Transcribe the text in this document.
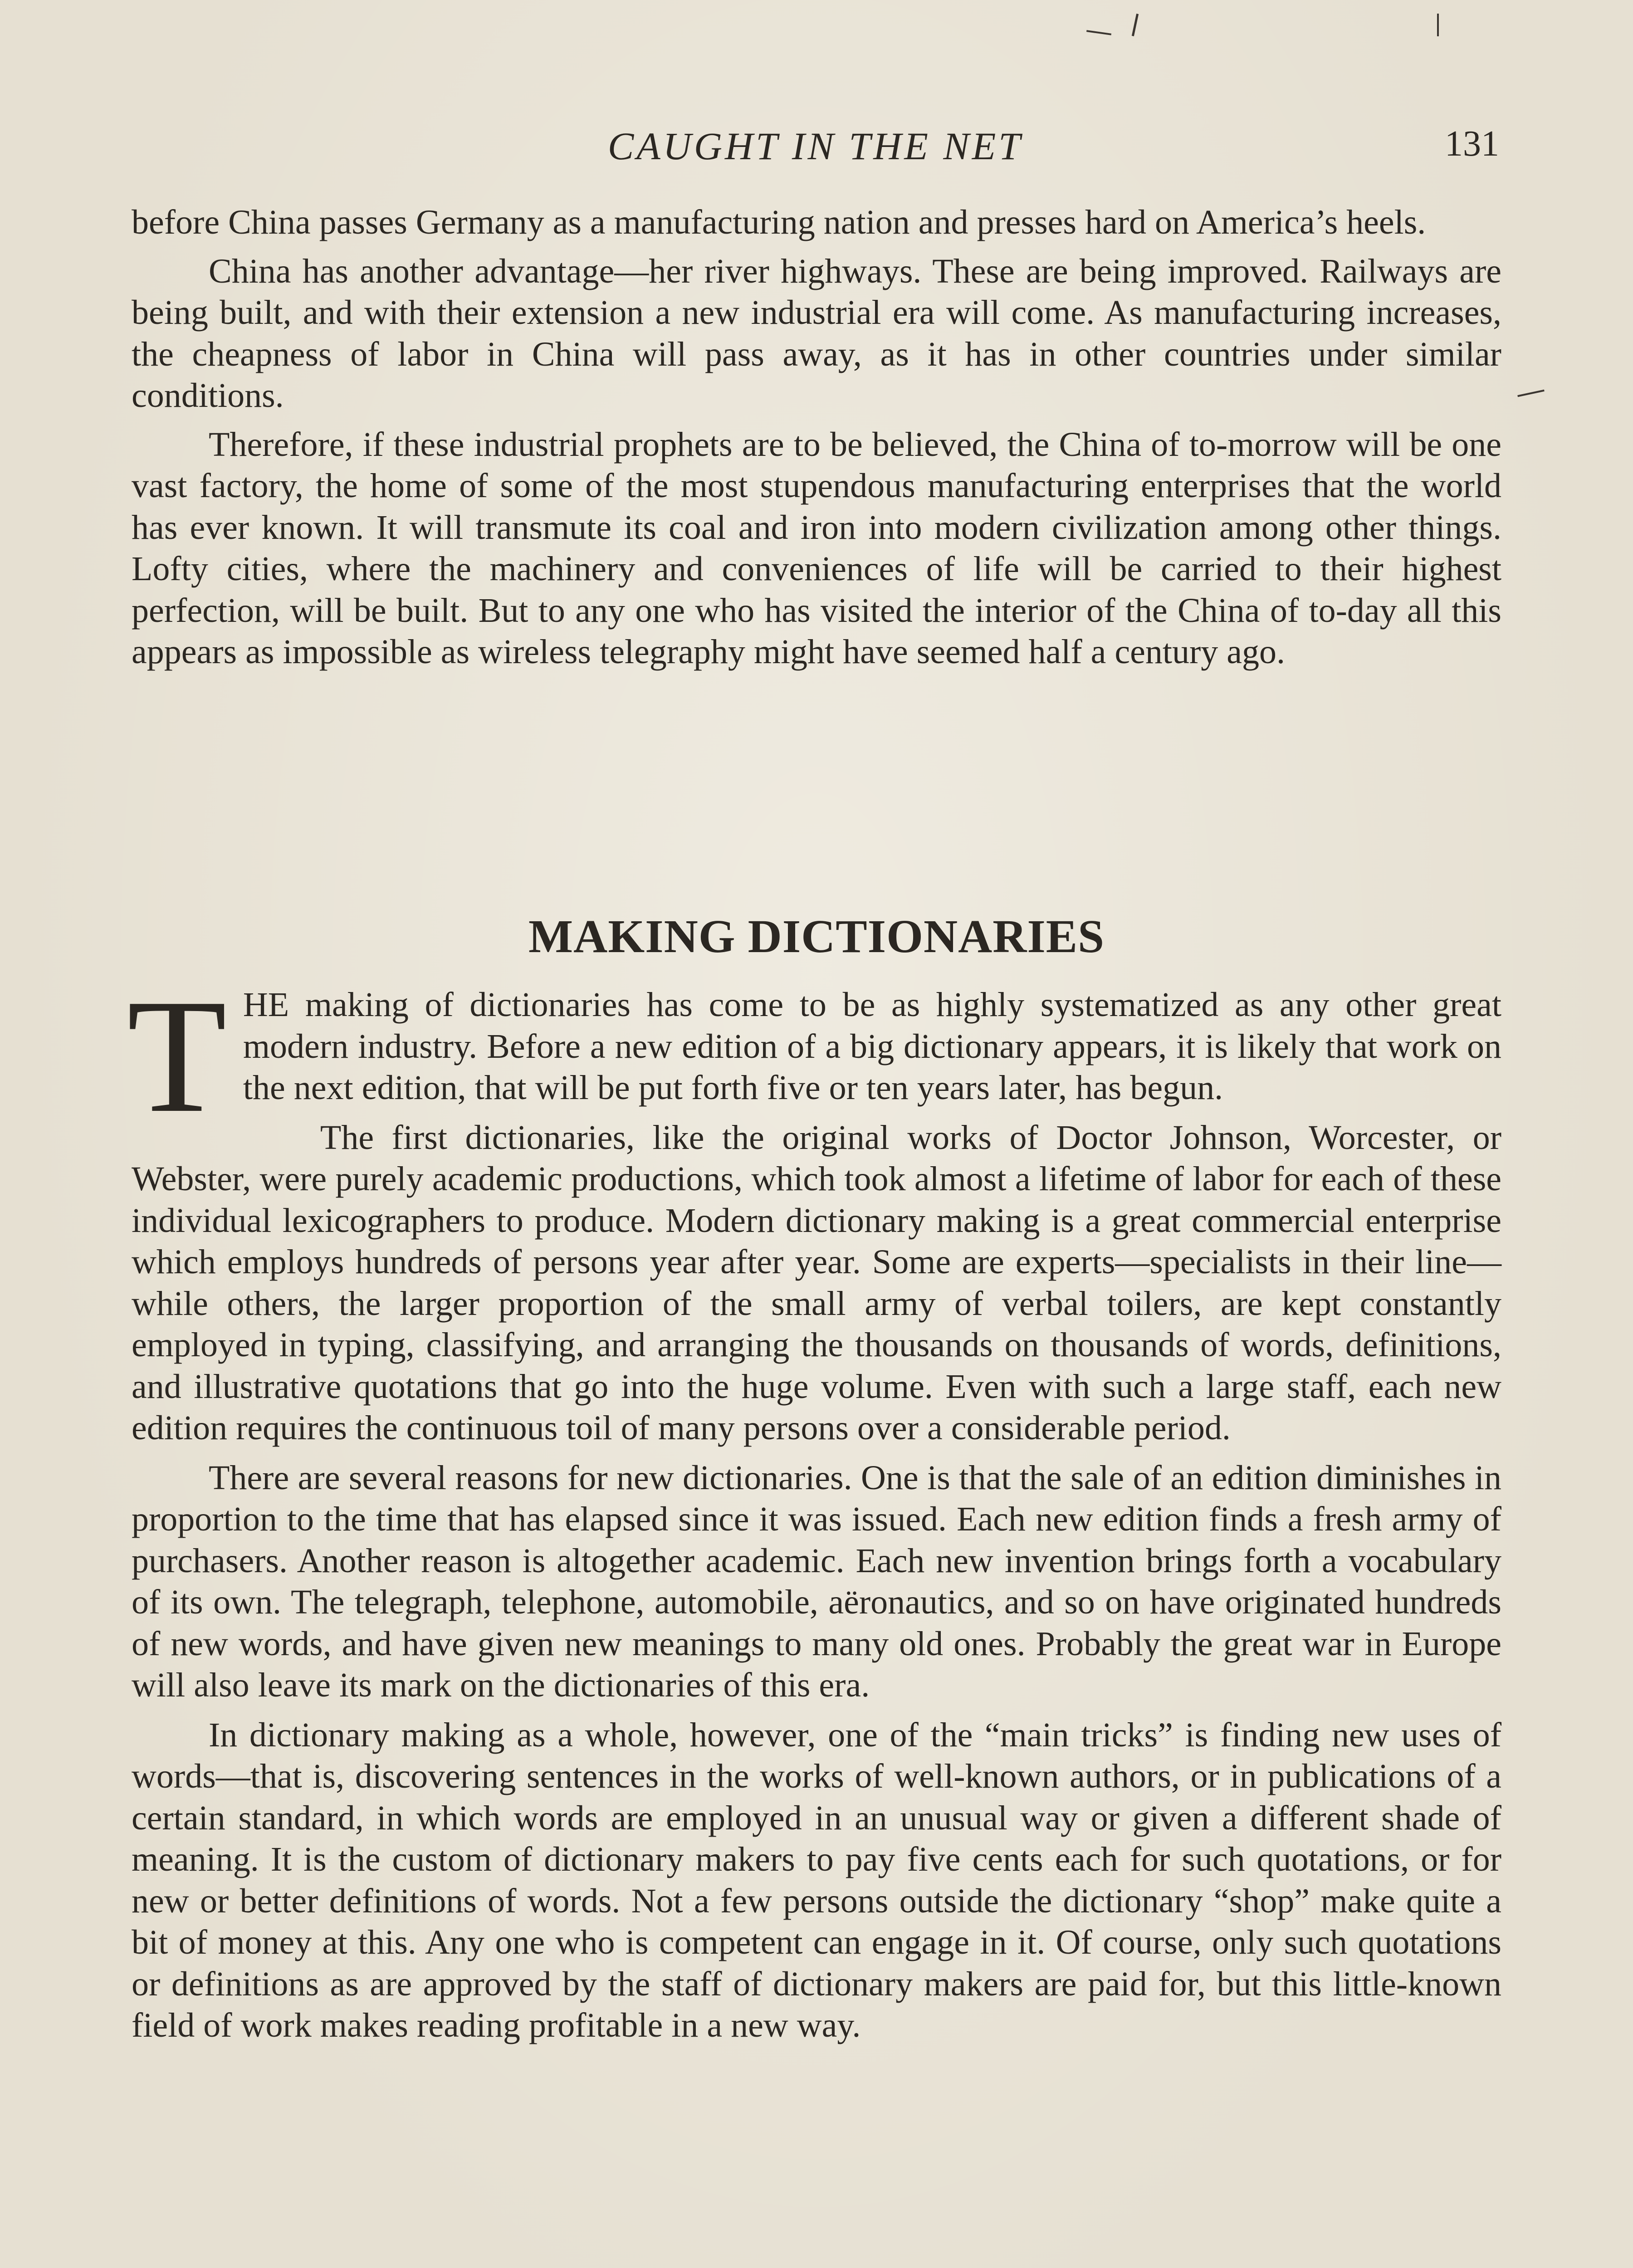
CAUGHT IN THE NET	131

before China passes Germany as a manufacturing nation and presses hard on America’s heels.

China has another advantage—her river highways. These are being improved. Railways are being built, and with their extension a new industrial era will come. As manufacturing increases, the cheapness of labor in China will pass away, as it has in other countries under similar conditions.

Therefore, if these industrial prophets are to be believed, the China of to-morrow will be one vast factory, the home of some of the most stupendous manufacturing enterprises that the world has ever known. It will transmute its coal and iron into modern civilization among other things. Lofty cities, where the machinery and conveniences of life will be carried to their highest perfection, will be built. But to any one who has visited the interior of the China of to-day all this appears as impossible as wireless telegraphy might have seemed half a century ago.

MAKING DICTIONARIES

THE making of dictionaries has come to be as highly systematized as any other great modern industry. Before a new edition of a big dictionary appears, it is likely that work on the next edition, that will be put forth five or ten years later, has begun.

The first dictionaries, like the original works of Doctor Johnson, Worcester, or Webster, were purely academic productions, which took almost a lifetime of labor for each of these individual lexicographers to produce. Modern dictionary making is a great commercial enterprise which employs hundreds of persons year after year. Some are experts—specialists in their line—while others, the larger proportion of the small army of verbal toilers, are kept constantly employed in typing, classifying, and arranging the thousands on thousands of words, definitions, and illustrative quotations that go into the huge volume. Even with such a large staff, each new edition requires the continuous toil of many persons over a considerable period.

There are several reasons for new dictionaries. One is that the sale of an edition diminishes in proportion to the time that has elapsed since it was issued. Each new edition finds a fresh army of purchasers. Another reason is altogether academic. Each new invention brings forth a vocabulary of its own. The telegraph, telephone, automobile, aëronautics, and so on have originated hundreds of new words, and have given new meanings to many old ones. Probably the great war in Europe will also leave its mark on the dictionaries of this era.

In dictionary making as a whole, however, one of the “main tricks” is finding new uses of words—that is, discovering sentences in the works of well-known authors, or in publications of a certain standard, in which words are employed in an unusual way or given a different shade of meaning. It is the custom of dictionary makers to pay five cents each for such quotations, or for new or better definitions of words. Not a few persons outside the dictionary “shop” make quite a bit of money at this. Any one who is competent can engage in it. Of course, only such quotations or definitions as are approved by the staff of dictionary makers are paid for, but this little-known field of work makes reading profitable in a new way.
